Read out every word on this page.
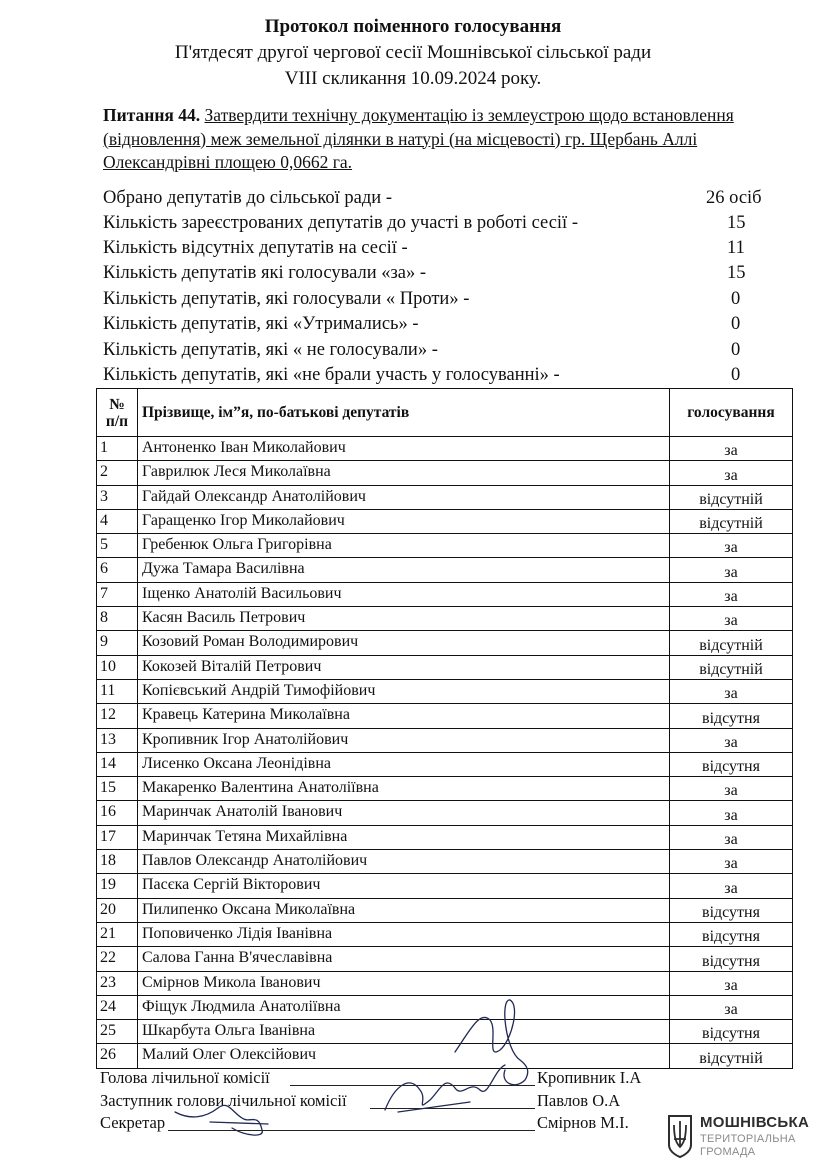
Протокол поіменного голосування
П'ятдесят другої чергової сесії Мошнівської сільської ради
VIII скликання 10.09.2024 року.
Питання 44. Затвердити технічну документацію із землеустрою щодо встановлення (відновлення) меж земельної ділянки в натурі (на місцевості) гр. Щербань Аллі Олександрівні площею 0,0662 га.
Обрано депутатів до сільської ради -	26 осіб
Кількість зареєстрованих депутатів до участі в роботі сесії -	15
Кількість відсутніх депутатів на сесії -	11
Кількість депутатів які голосували «за» -	15
Кількість депутатів, які голосували « Проти» -	0
Кількість депутатів, які «Утримались» -	0
Кількість депутатів, які « не голосували» -	0
Кількість депутатів, які «не брали участь у голосуванні» -	0
№
п/п	Прізвище, ім”я, по-батькові депутатів	голосування
1	Антоненко Іван Миколайович	за
2	Гаврилюк Леся Миколаївна	за
3	Гайдай Олександр Анатолійович	відсутній
4	Гаращенко Ігор Миколайович	відсутній
5	Гребенюк Ольга Григорівна	за
6	Дужа Тамара Василівна	за
7	Іщенко Анатолій Васильович	за
8	Касян Василь Петрович	за
9	Козовий Роман Володимирович	відсутній
10	Кокозей Віталій Петрович	відсутній
11	Копієвський Андрій Тимофійович	за
12	Кравець Катерина Миколаївна	відсутня
13	Кропивник Ігор Анатолійович	за
14	Лисенко Оксана Леонідівна	відсутня
15	Макаренко Валентина Анатоліївна	за
16	Маринчак Анатолій Іванович	за
17	Маринчак Тетяна Михайлівна	за
18	Павлов Олександр Анатолійович	за
19	Пасєка Сергій Вікторович	за
20	Пилипенко Оксана Миколаївна	відсутня
21	Поповиченко Лідія Іванівна	відсутня
22	Салова Ганна В'ячеславівна	відсутня
23	Смірнов Микола Іванович	за
24	Фіщук Людмила Анатоліївна	за
25	Шкарбута Ольга Іванівна	відсутня
26	Малий Олег Олексійович	відсутній
Голова лічильної комісії	Кропивник І.А
Заступник голови лічильної комісії	Павлов О.А
Секретар	Смірнов М.І.	МОШНІВСЬКА
ТЕРИТОРІАЛЬНА
ГРОМАДА
